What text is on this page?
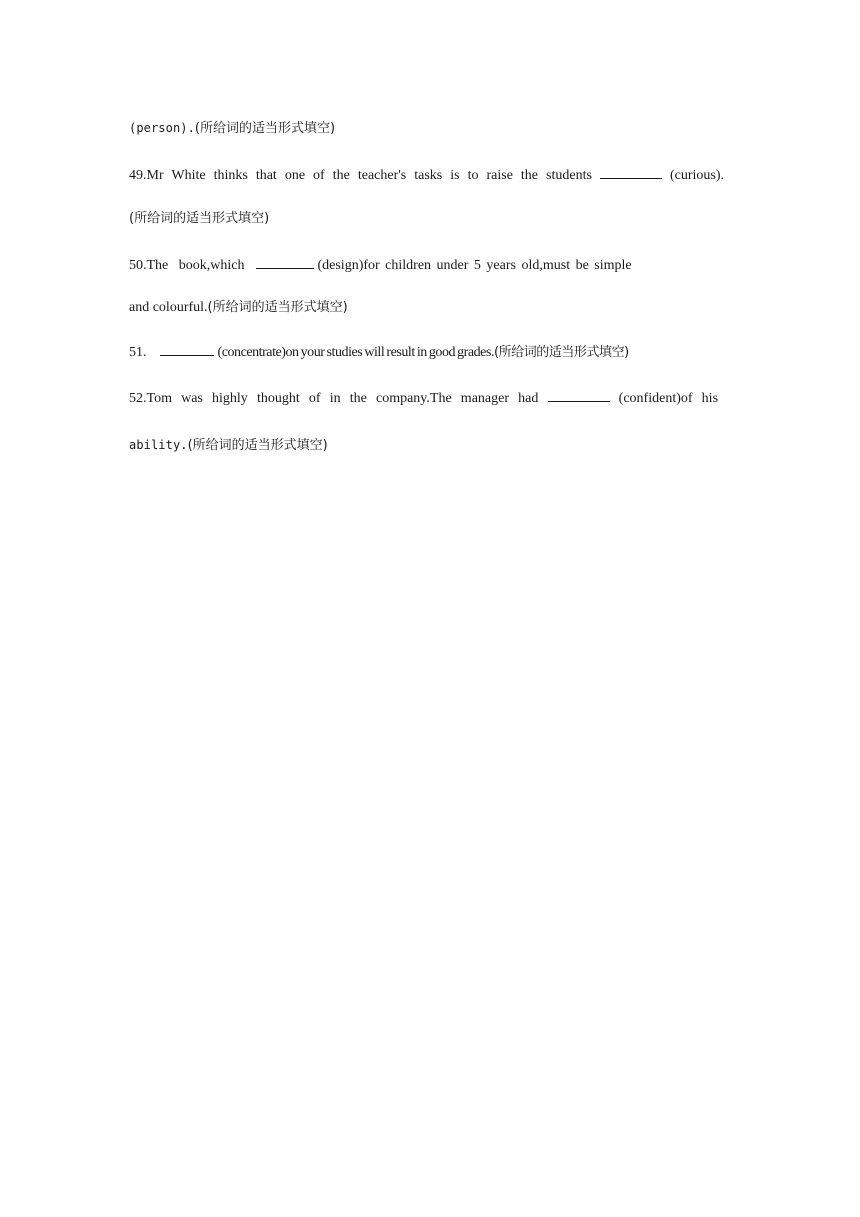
(person).(所给词的适当形式填空)
49.Mr White thinks that one of the teacher's tasks is to raise the students	(curious).
(所给词的适当形式填空)
50.The   book,which	(design)for children under 5 years old,must be simple
and colourful.(所给词的适当形式填空)
51.	(concentrate)on your studies will result in good grades.(所给词的适当形式填空)
52.Tom was highly thought of in the company.The manager had	(confident)of his
ability.(所给词的适当形式填空)
